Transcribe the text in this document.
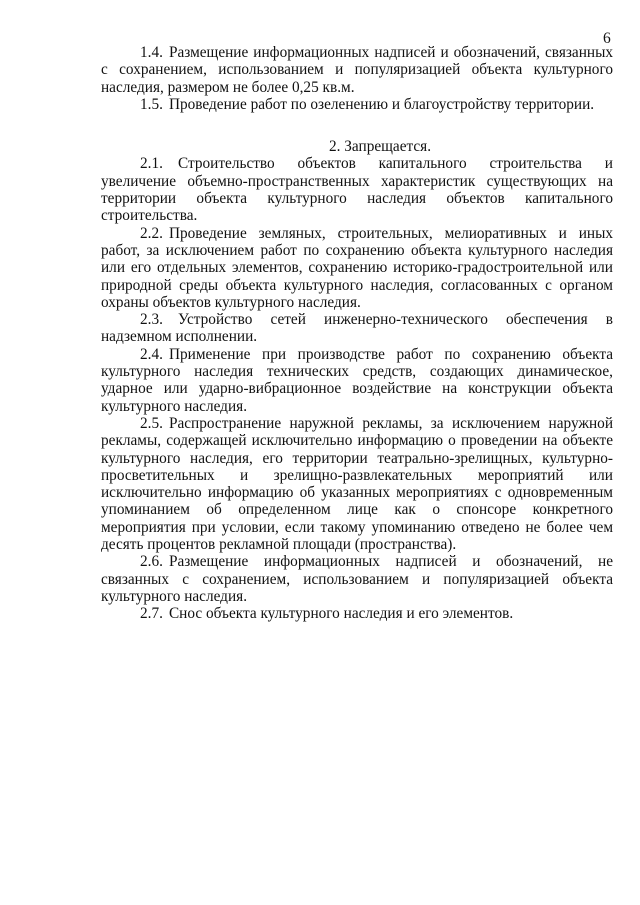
6

1.4. Размещение информационных надписей и обозначений, связанных с сохранением, использованием и популяризацией объекта культурного наследия, размером не более 0,25 кв.м.

1.5. Проведение работ по озеленению и благоустройству территории.

2. Запрещается.

2.1. Строительство объектов капитального строительства и увеличение объемно-пространственных характеристик существующих на территории объекта культурного наследия объектов капитального строительства.

2.2. Проведение земляных, строительных, мелиоративных и иных работ, за исключением работ по сохранению объекта культурного наследия или его отдельных элементов, сохранению историко-градостроительной или природной среды объекта культурного наследия, согласованных с органом охраны объектов культурного наследия.

2.3. Устройство сетей инженерно-технического обеспечения в надземном исполнении.

2.4. Применение при производстве работ по сохранению объекта культурного наследия технических средств, создающих динамическое, ударное или ударно-вибрационное воздействие на конструкции объекта культурного наследия.

2.5. Распространение наружной рекламы, за исключением наружной рекламы, содержащей исключительно информацию о проведении на объекте культурного наследия, его территории театрально-зрелищных, культурно-просветительных и зрелищно-развлекательных мероприятий или исключительно информацию об указанных мероприятиях с одновременным упоминанием об определенном лице как о спонсоре конкретного мероприятия при условии, если такому упоминанию отведено не более чем десять процентов рекламной площади (пространства).

2.6. Размещение информационных надписей и обозначений, не связанных с сохранением, использованием и популяризацией объекта культурного наследия.

2.7. Снос объекта культурного наследия и его элементов.
